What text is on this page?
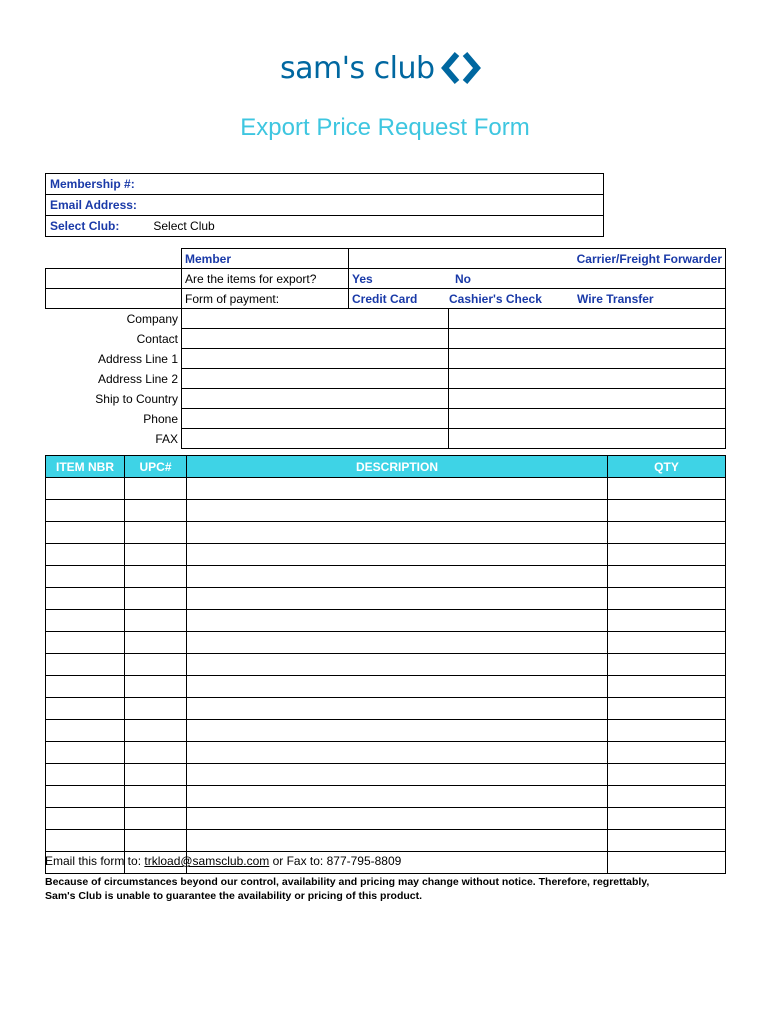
sam's club
Export Price Request Form
Membership #:
Email Address:
Select Club:	Select Club
	Member			Carrier/Freight Forwarder
	Are the items for export?	Yes No		
	Form of payment:	Credit Card Cashier's Check Wire Transfer		
Company				
Contact				
Address Line 1				
Address Line 2				
Ship to Country				
Phone				
FAX				
ITEM NBR	UPC#	DESCRIPTION	QTY

Email this form to: trkload@samsclub.com or Fax to: 877-795-8809
Because of circumstances beyond our control, availability and pricing may change without notice. Therefore, regrettably,
Sam's Club is unable to guarantee the availability or pricing of this product.
